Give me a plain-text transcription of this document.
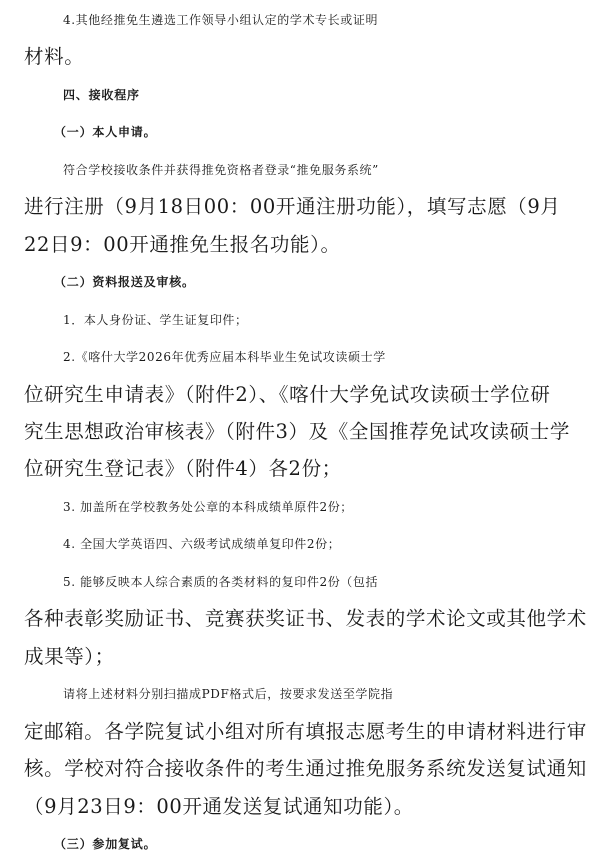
4.其他经推免生遴选工作领导小组认定的学术专长或证明
材料。
四、接收程序
（一）本人申请。
符合学校接收条件并获得推免资格者登录“推免服务系统”
进行注册（9月18日00：00开通注册功能），填写志愿（9月
22日9：00开通推免生报名功能）。
（二）资料报送及审核。
1．本人身份证、学生证复印件；
2.《喀什大学2026年优秀应届本科毕业生免试攻读硕士学
位研究生申请表》（附件2）、《喀什大学免试攻读硕士学位研
究生思想政治审核表》（附件3）及《全国推荐免试攻读硕士学
位研究生登记表》（附件4）各2份；
3. 加盖所在学校教务处公章的本科成绩单原件2份；
4. 全国大学英语四、六级考试成绩单复印件2份；
5. 能够反映本人综合素质的各类材料的复印件2份（包括
各种表彰奖励证书、竞赛获奖证书、发表的学术论文或其他学术
成果等）；
请将上述材料分别扫描成PDF格式后，按要求发送至学院指
定邮箱。各学院复试小组对所有填报志愿考生的申请材料进行审
核。学校对符合接收条件的考生通过推免服务系统发送复试通知
（9月23日9：00开通发送复试通知功能）。
（三）参加复试。
